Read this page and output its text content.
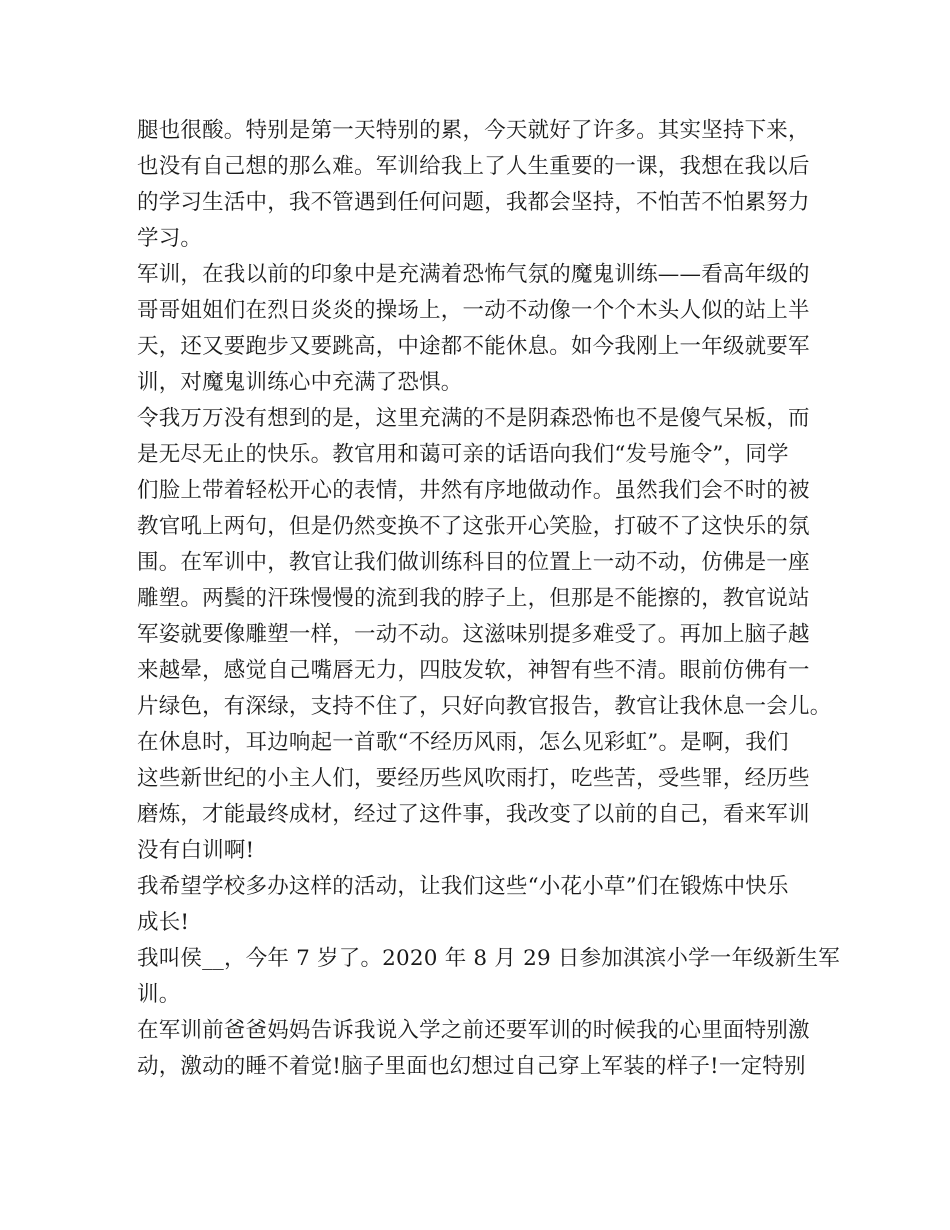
腿也很酸。特别是第一天特别的累，今天就好了许多。其实坚持下来，
也没有自己想的那么难。军训给我上了人生重要的一课，我想在我以后
的学习生活中，我不管遇到任何问题，我都会坚持，不怕苦不怕累努力
学习。
军训，在我以前的印象中是充满着恐怖气氛的魔鬼训练——看高年级的
哥哥姐姐们在烈日炎炎的操场上，一动不动像一个个木头人似的站上半
天，还又要跑步又要跳高，中途都不能休息。如今我刚上一年级就要军
训，对魔鬼训练心中充满了恐惧。
令我万万没有想到的是，这里充满的不是阴森恐怖也不是傻气呆板，而
是无尽无止的快乐。教官用和蔼可亲的话语向我们“发号施令”，同学
们脸上带着轻松开心的表情，井然有序地做动作。虽然我们会不时的被
教官吼上两句，但是仍然变换不了这张开心笑脸，打破不了这快乐的氛
围。在军训中，教官让我们做训练科目的位置上一动不动，仿佛是一座
雕塑。两鬓的汗珠慢慢的流到我的脖子上，但那是不能擦的，教官说站
军姿就要像雕塑一样，一动不动。这滋味别提多难受了。再加上脑子越
来越晕，感觉自己嘴唇无力，四肢发软，神智有些不清。眼前仿佛有一
片绿色，有深绿，支持不住了，只好向教官报告，教官让我休息一会儿。
在休息时，耳边响起一首歌“不经历风雨，怎么见彩虹”。是啊，我们
这些新世纪的小主人们，要经历些风吹雨打，吃些苦，受些罪，经历些
磨炼，才能最终成材，经过了这件事，我改变了以前的自己，看来军训
没有白训啊!
我希望学校多办这样的活动，让我们这些“小花小草”们在锻炼中快乐
成长!
我叫侯__，今年 7 岁了。2020 年 8 月 29 日参加淇滨小学一年级新生军
训。
在军训前爸爸妈妈告诉我说入学之前还要军训的时候我的心里面特别激
动，激动的睡不着觉!脑子里面也幻想过自己穿上军装的样子!一定特别
